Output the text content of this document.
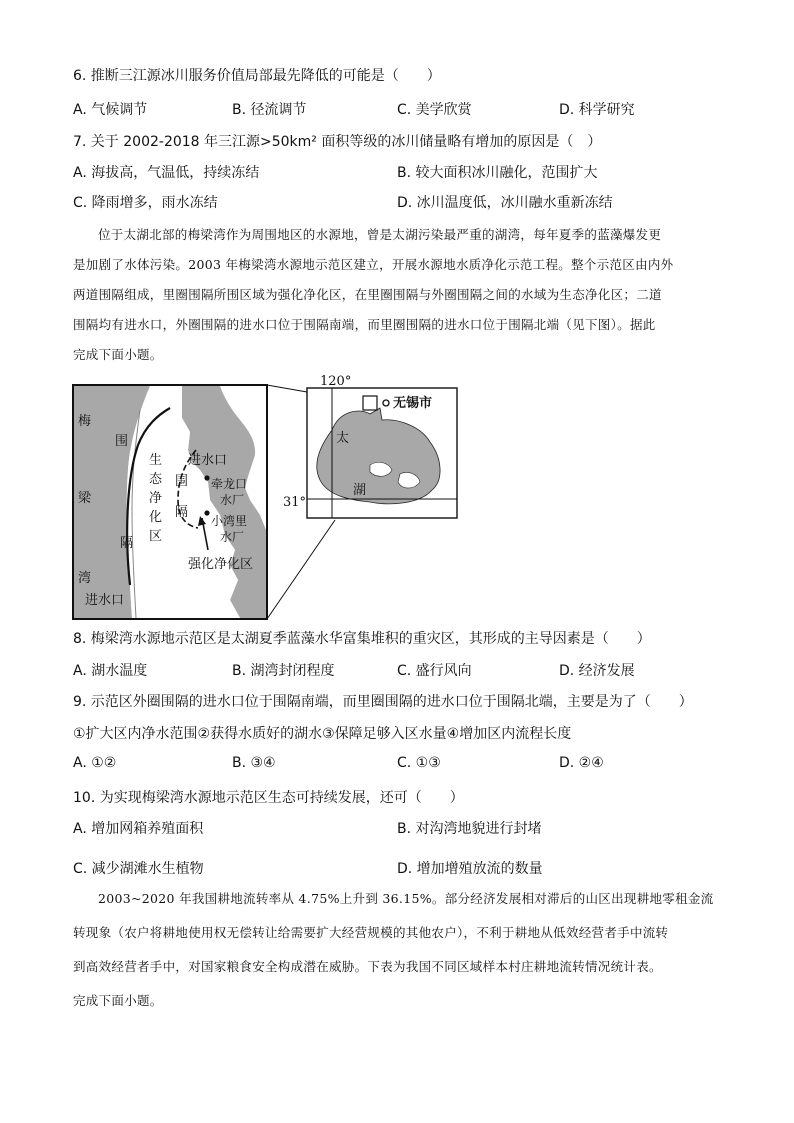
6. 推断三江源冰川服务价值局部最先降低的可能是（　　）
A. 气候调节	B. 径流调节	C. 美学欣赏	D. 科学研究
7. 关于 2002-2018 年三江源>50km² 面积等级的冰川储量略有增加的原因是（　）
A. 海拔高，气温低，持续冻结	B. 较大面积冰川融化，范围扩大
C. 降雨增多，雨水冻结	D. 冰川温度低，冰川融水重新冻结

位于太湖北部的梅梁湾作为周围地区的水源地，曾是太湖污染最严重的湖湾，每年夏季的蓝藻爆发更

是加剧了水体污染。2003 年梅梁湾水源地示范区建立，开展水源地水质净化示范工程。整个示范区由内外

两道围隔组成，里圈围隔所围区域为强化净化区，在里圈围隔与外圈围隔之间的水域为生态净化区；二道

围隔均有进水口，外圈围隔的进水口位于围隔南端，而里圈围隔的进水口位于围隔北端（见下图）。据此

完成下面小题。

梅
梁
湾
围
隔
生
态
净
化
区
围
隔
进水口
牵龙口
水厂
小湾里
水厂
强化净化区
进水口
120°
31°
无锡市
太
湖
8. 梅梁湾水源地示范区是太湖夏季蓝藻水华富集堆积的重灾区，其形成的主导因素是（　　）
A. 湖水温度	B. 湖湾封闭程度	C. 盛行风向	D. 经济发展
9. 示范区外圈围隔的进水口位于围隔南端，而里圈围隔的进水口位于围隔北端，主要是为了（　　）
①扩大区内净水范围②获得水质好的湖水③保障足够入区水量④增加区内流程长度
A. ①②	B. ③④	C. ①③	D. ②④
10. 为实现梅梁湾水源地示范区生态可持续发展，还可（　　）
A. 增加网箱养殖面积	B. 对沟湾地貌进行封堵
C. 减少湖滩水生植物	D. 增加增殖放流的数量

2003~2020 年我国耕地流转率从 4.75%上升到 36.15%。部分经济发展相对滞后的山区出现耕地零租金流

转现象（农户将耕地使用权无偿转让给需要扩大经营规模的其他农户），不利于耕地从低效经营者手中流转

到高效经营者手中，对国家粮食安全构成潜在威胁。下表为我国不同区域样本村庄耕地流转情况统计表。

完成下面小题。
